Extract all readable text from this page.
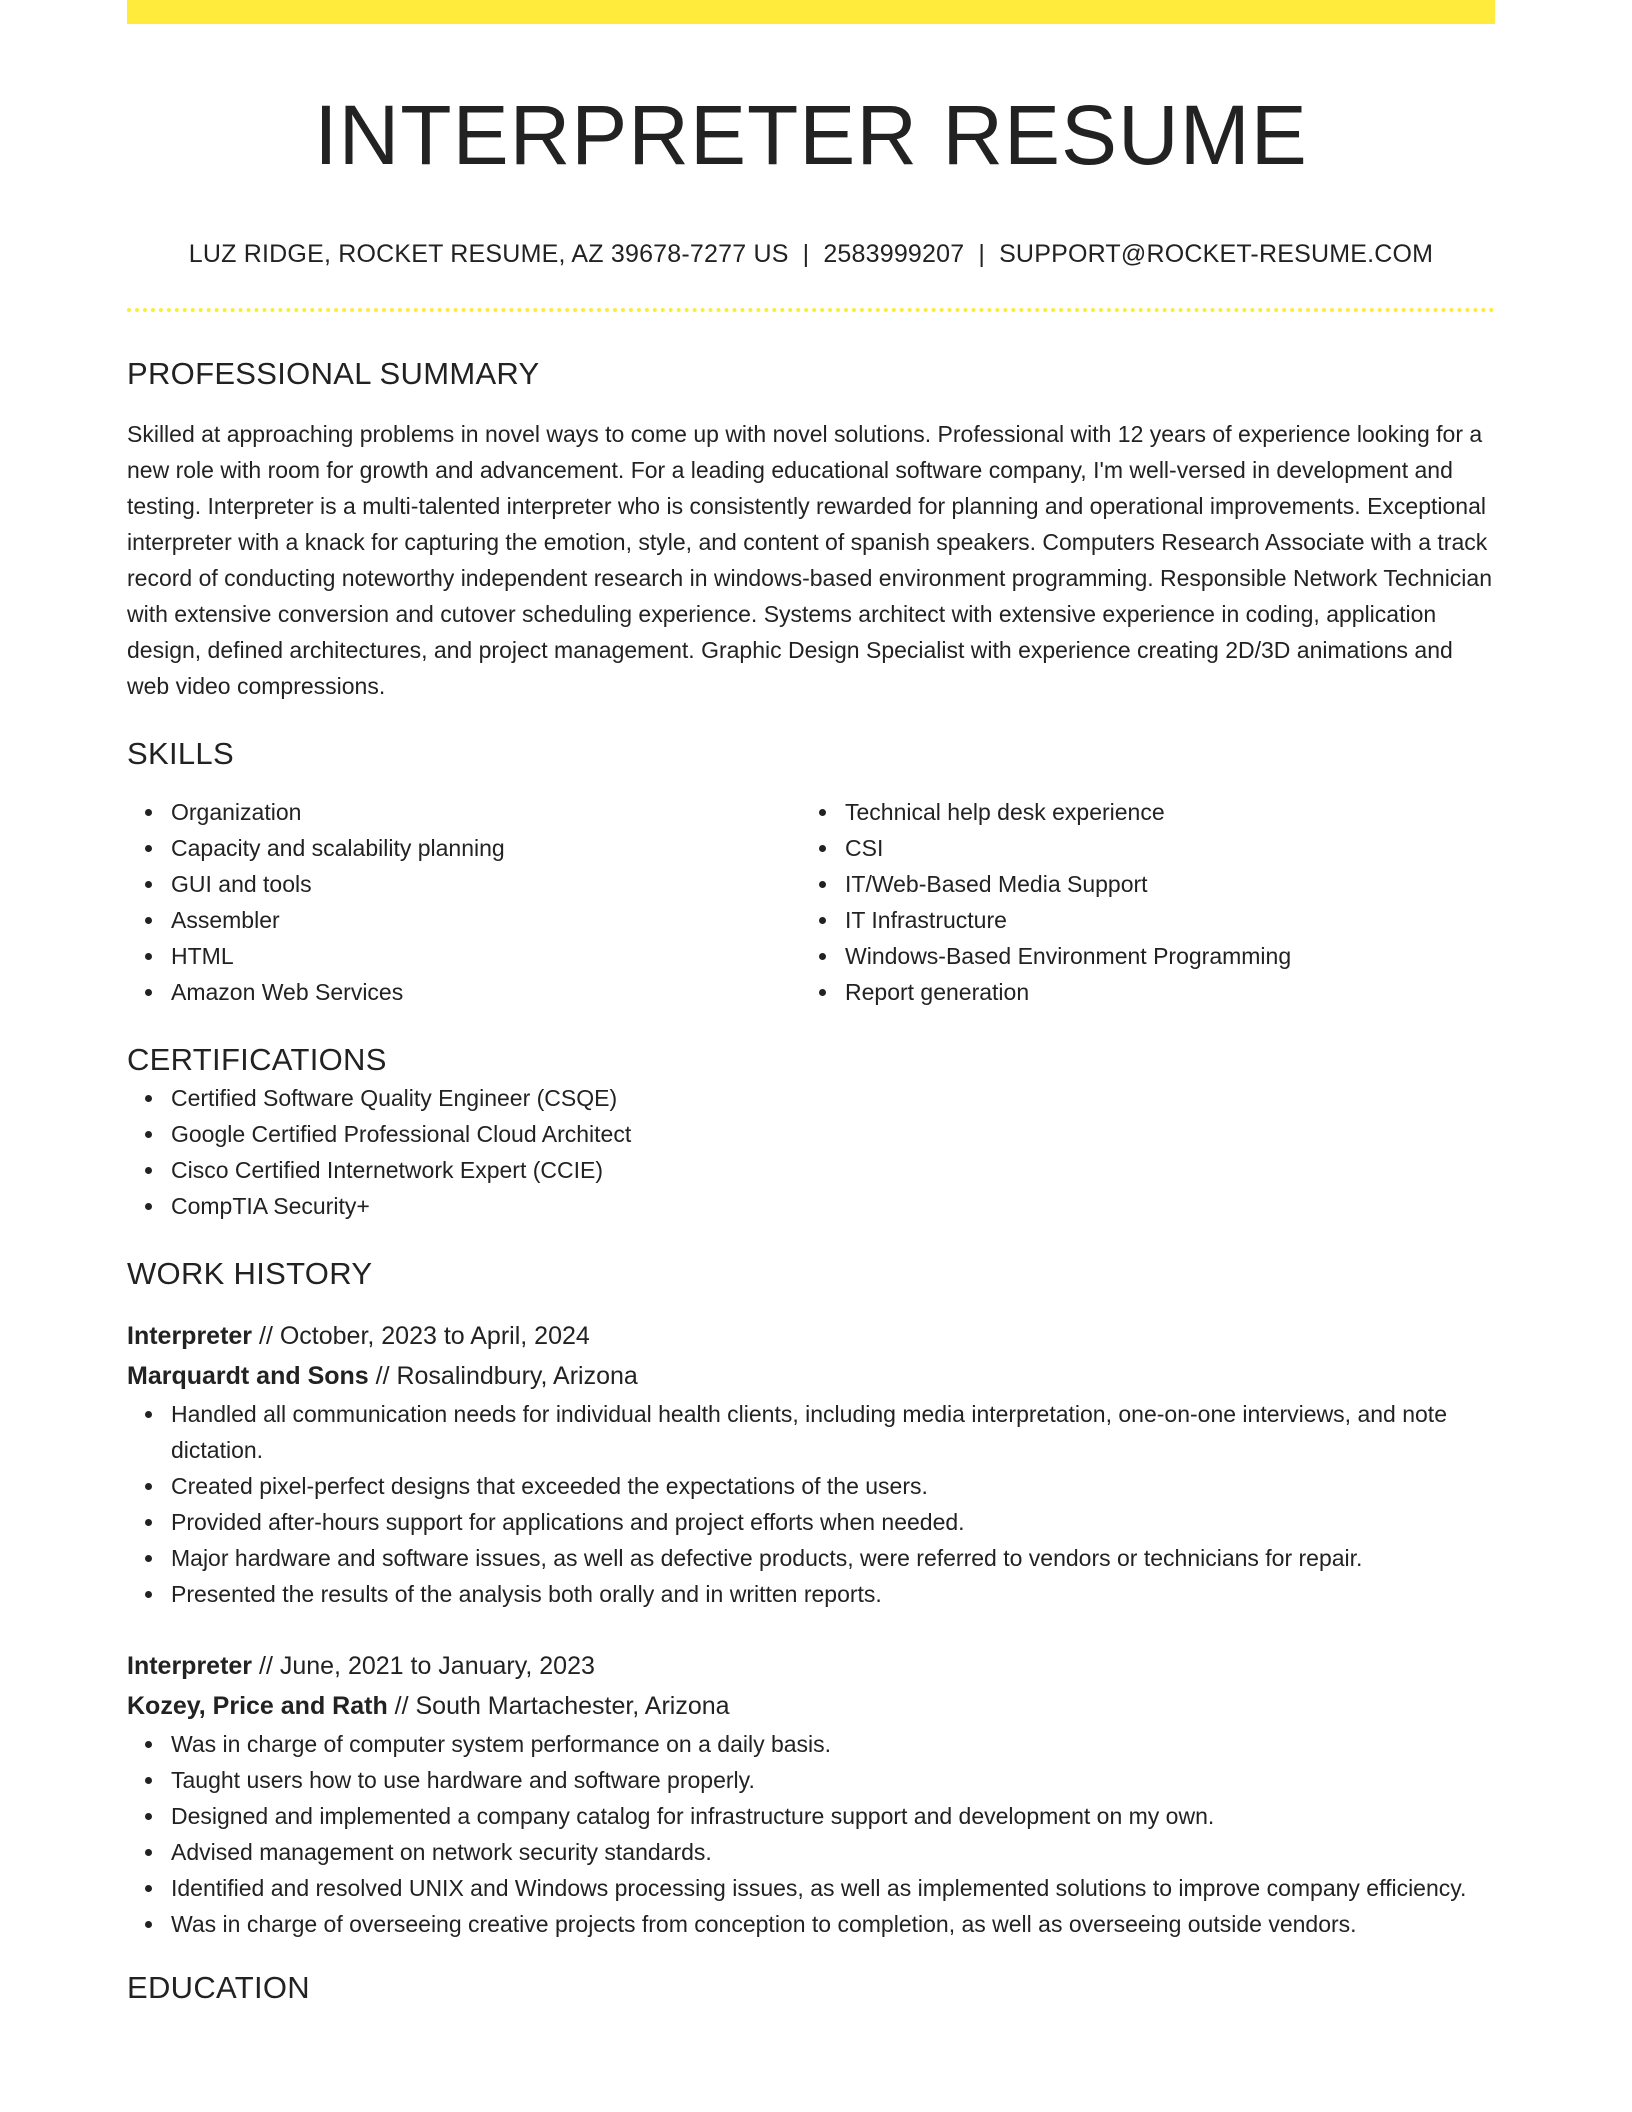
INTERPRETER RESUME
LUZ RIDGE, ROCKET RESUME, AZ 39678-7277 US | 2583999207 | SUPPORT@ROCKET-RESUME.COM
PROFESSIONAL SUMMARY

Skilled at approaching problems in novel ways to come up with novel solutions. Professional with 12 years of experience looking for a new role with room for growth and advancement. For a leading educational software company, I'm well-versed in development and testing. Interpreter is a multi-talented interpreter who is consistently rewarded for planning and operational improvements. Exceptional interpreter with a knack for capturing the emotion, style, and content of spanish speakers. Computers Research Associate with a track record of conducting noteworthy independent research in windows-based environment programming. Responsible Network Technician with extensive conversion and cutover scheduling experience. Systems architect with extensive experience in coding, application design, defined architectures, and project management. Graphic Design Specialist with experience creating 2D/3D animations and web video compressions.

SKILLS
Organization
Capacity and scalability planning
GUI and tools
Assembler
HTML
Amazon Web Services
Technical help desk experience
CSI
IT/Web-Based Media Support
IT Infrastructure
Windows-Based Environment Programming
Report generation
CERTIFICATIONS
Certified Software Quality Engineer (CSQE)
Google Certified Professional Cloud Architect
Cisco Certified Internetwork Expert (CCIE)
CompTIA Security+
WORK HISTORY
Interpreter // October, 2023 to April, 2024
Marquardt and Sons // Rosalindbury, Arizona
Handled all communication needs for individual health clients, including media interpretation, one-on-one interviews, and note dictation.
Created pixel-perfect designs that exceeded the expectations of the users.
Provided after-hours support for applications and project efforts when needed.
Major hardware and software issues, as well as defective products, were referred to vendors or technicians for repair.
Presented the results of the analysis both orally and in written reports.
Interpreter // June, 2021 to January, 2023
Kozey, Price and Rath // South Martachester, Arizona
Was in charge of computer system performance on a daily basis.
Taught users how to use hardware and software properly.
Designed and implemented a company catalog for infrastructure support and development on my own.
Advised management on network security standards.
Identified and resolved UNIX and Windows processing issues, as well as implemented solutions to improve company efficiency.
Was in charge of overseeing creative projects from conception to completion, as well as overseeing outside vendors.
EDUCATION
